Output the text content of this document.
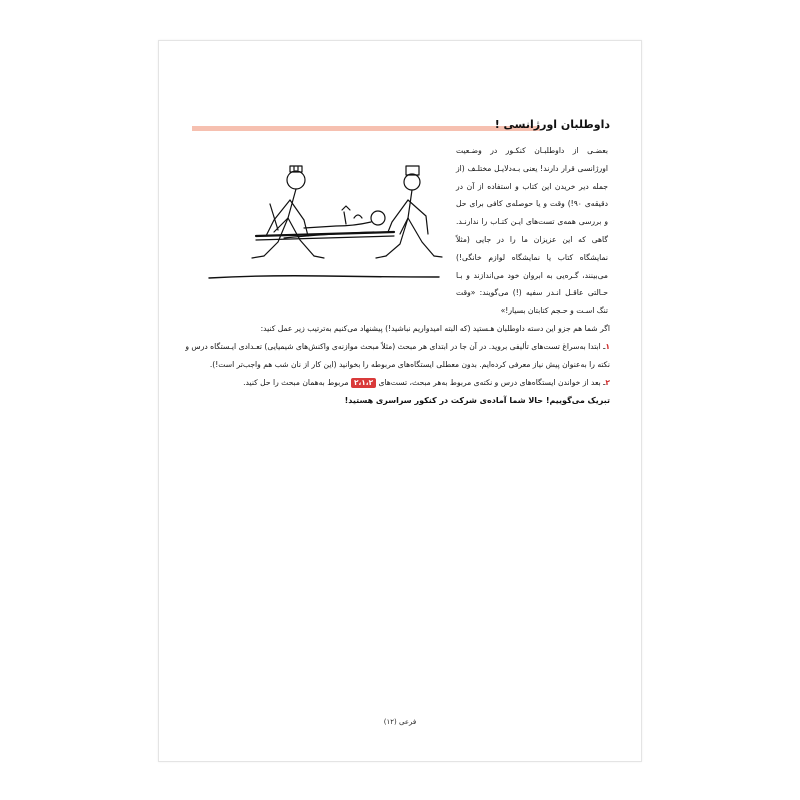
داوطلبان اورژانسی !
بعضـی از داوطلبـان کنکـور در وضـعیت اورژانسی قرار دارند! یعنی بـه‌دلایـل مختلـف (از جمله دیر خریدن این کتاب و استفاده از آن در دقیقه‌ی ۹۰!) وقت و یا حوصله‌ی کافی برای حل و بررسی همه‌ی تست‌های ایـن کتـاب را ندارنـد. گاهی که این عزیزان ما را در جایی (مثلاً نمایشگاه کتاب یا نمایشگاه لوازم خانگی!) می‌بینند، گـره‌یی به ابروان خود می‌اندازند و بـا حـالتی عاقـل انـدر سفیه (!) می‌گویند: «وقت تنگ اسـت و حـجم کتابتان بسیار!»
اگر شما هم جزو این دسته داوطلبان هـستید (که البته امیدواریم نباشید!) پیشنهاد می‌کنیم به‌ترتیب زیر عمل کنید:
۱ـ ابتدا به‌سراغ تست‌های تألیفی بروید. در آن جا در ابتدای هر مبحث (مثلاً مبحث موازنه‌ی واکنش‌های شیمیایی) تعـدادی ایـستگاه درس و
نکته را به‌عنوان پیش نیاز معرفی کرده‌ایم. بدون معطلی ایستگاه‌های مربوطه را بخوانید (این کار از نان شب هم واجب‌تر است!).
۲ـ بعد از خواندن ایستگاه‌های درس و نکته‌ی مربوط به‌هر مبحث، تست‌های ۲،۱،۲ مربوط به‌همان مبحث را حل کنید.
تبریک می‌گوییم! حالا شما آماده‌ی شرکت در کنکور سراسری هستید!
فرعی (۱۲)
